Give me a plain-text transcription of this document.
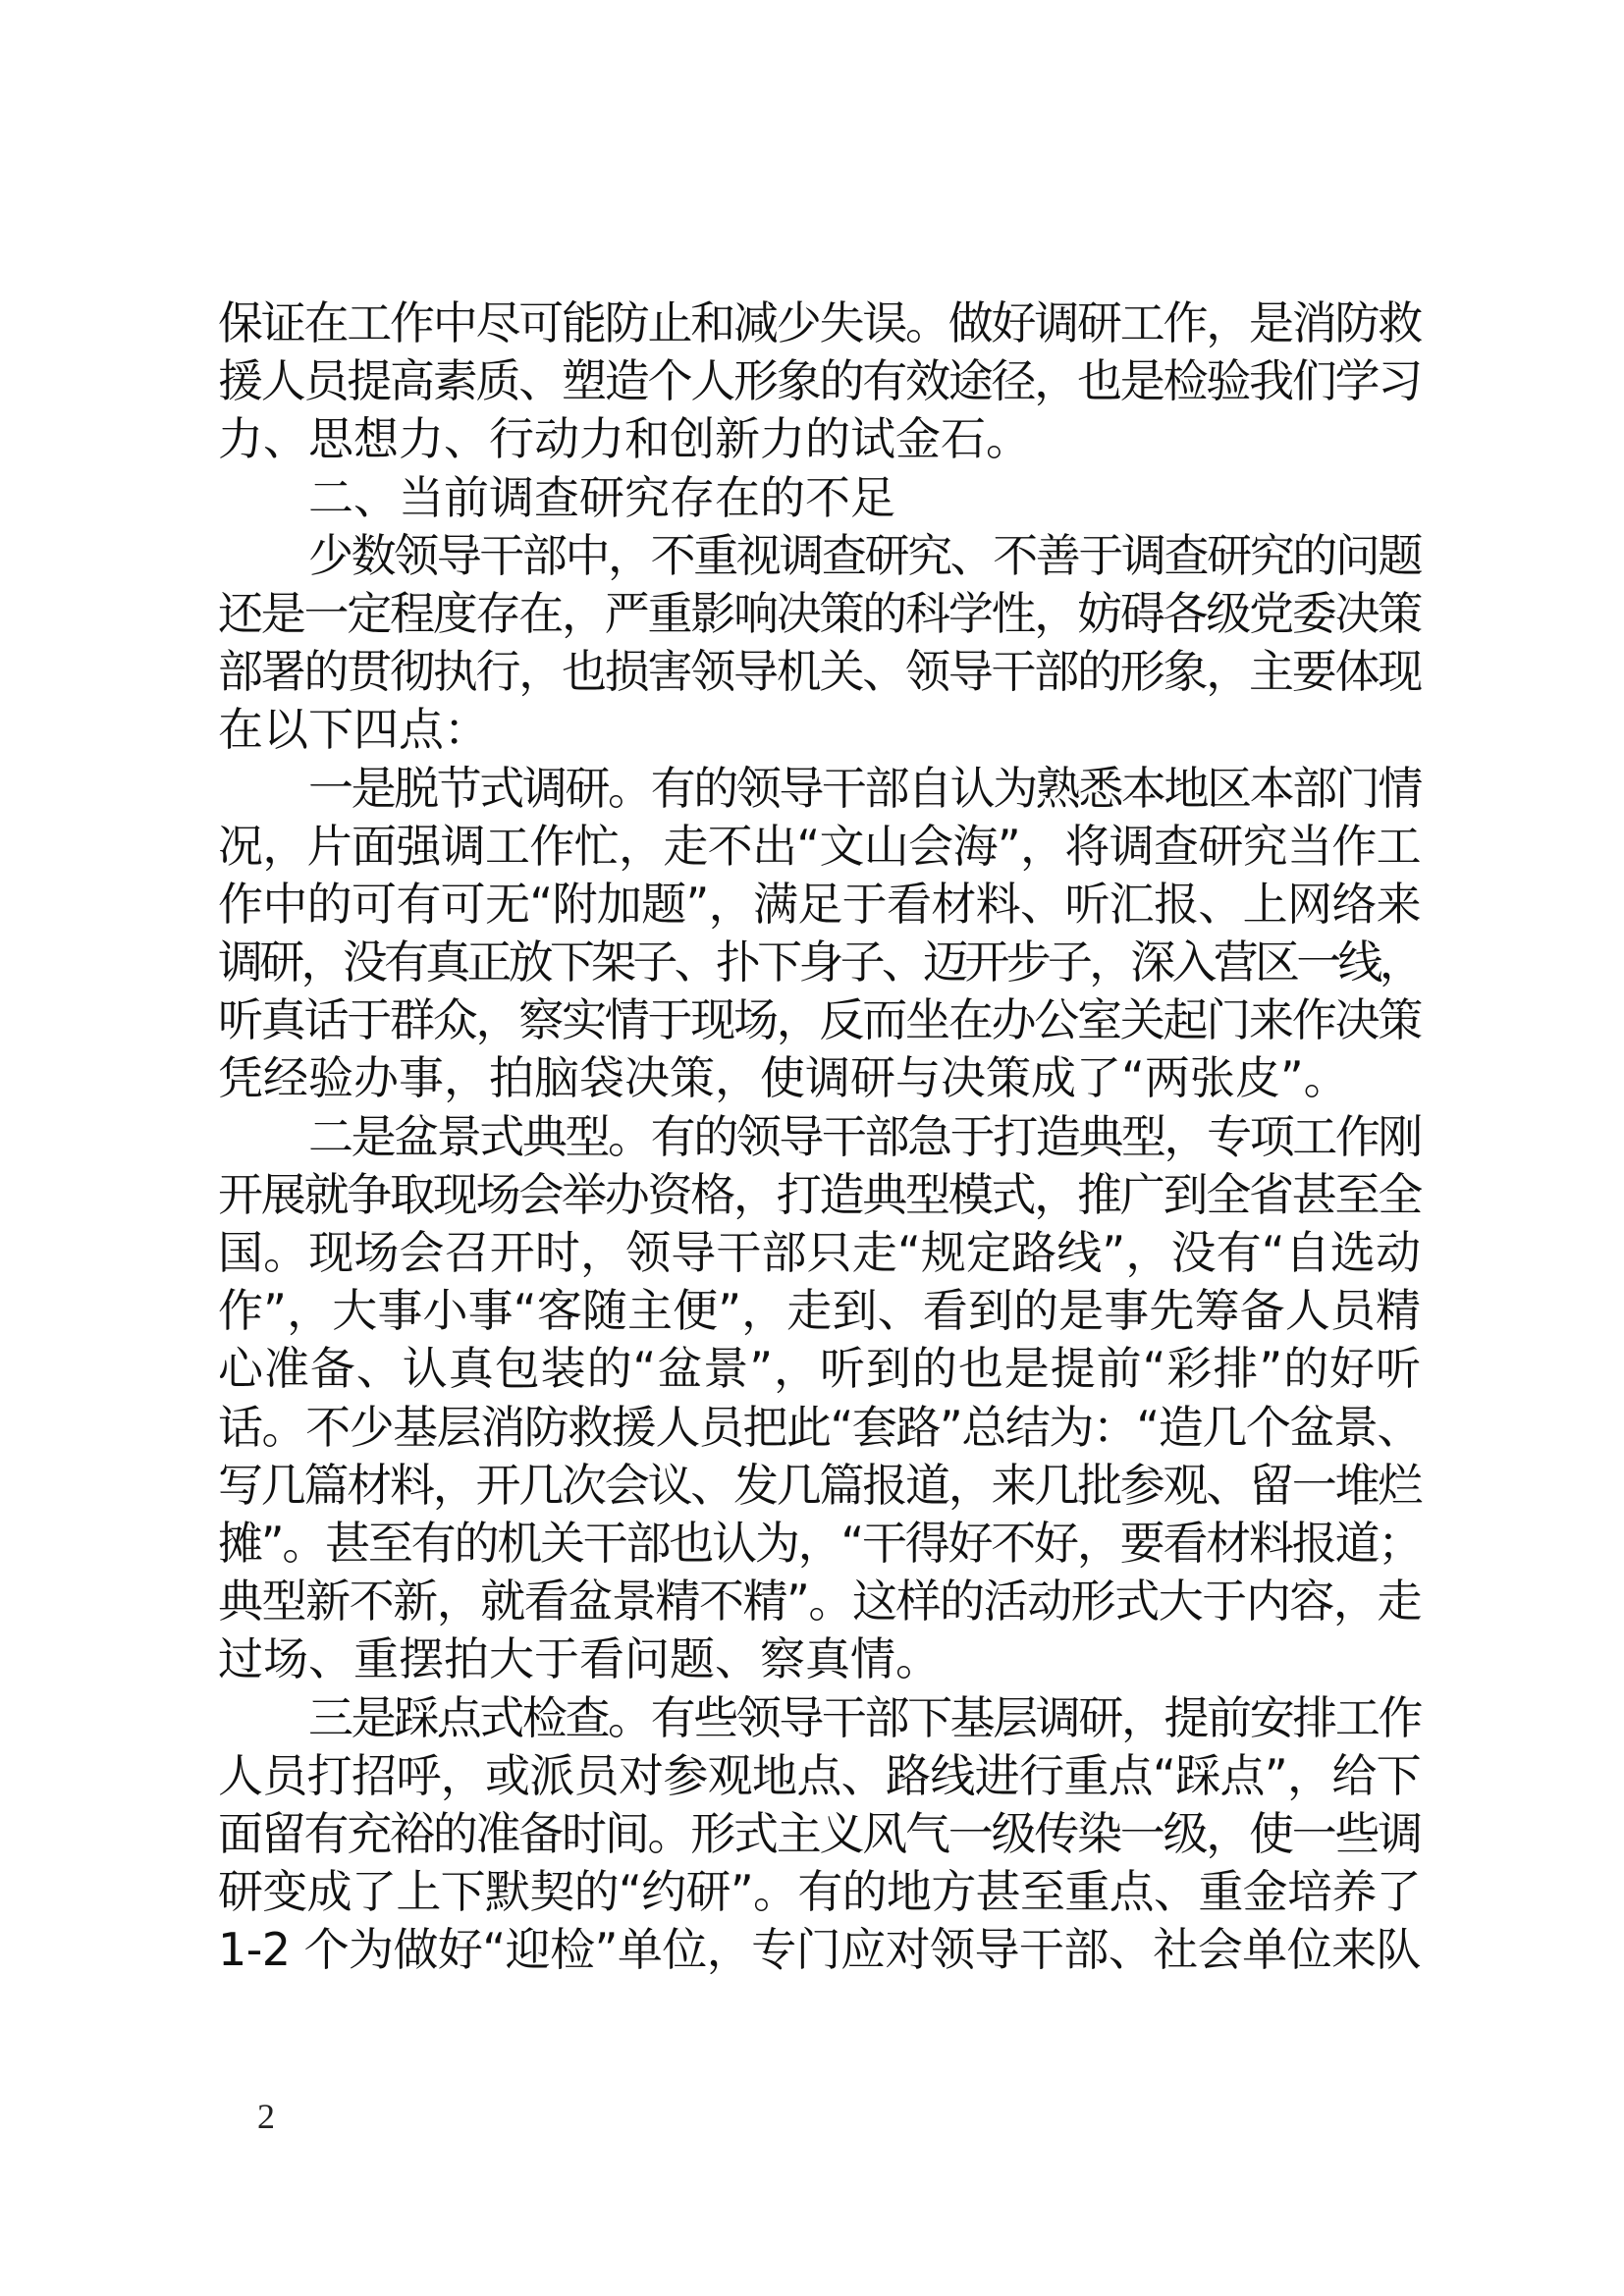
保证在工作中尽可能防止和减少失误。做好调研工作，是消防救
援人员提高素质、塑造个人形象的有效途径，也是检验我们学习
力、思想力、行动力和创新力的试金石。
二、当前调查研究存在的不足
少数领导干部中，不重视调查研究、不善于调查研究的问题
还是一定程度存在，严重影响决策的科学性，妨碍各级党委决策
部署的贯彻执行，也损害领导机关、领导干部的形象，主要体现
在以下四点：
一是脱节式调研。有的领导干部自认为熟悉本地区本部门情
况，片面强调工作忙，走不出“文山会海”，将调查研究当作工
作中的可有可无“附加题”，满足于看材料、听汇报、上网络来
调研，没有真正放下架子、扑下身子、迈开步子，深入营区一线，
听真话于群众，察实情于现场，反而坐在办公室关起门来作决策
凭经验办事，拍脑袋决策，使调研与决策成了“两张皮”。
二是盆景式典型。有的领导干部急于打造典型，专项工作刚
开展就争取现场会举办资格，打造典型模式，推广到全省甚至全
国。现场会召开时，领导干部只走“规定路线”，没有“自选动
作”，大事小事“客随主便”，走到、看到的是事先筹备人员精
心准备、认真包装的“盆景”，听到的也是提前“彩排”的好听
话。不少基层消防救援人员把此“套路”总结为：“造几个盆景、
写几篇材料，开几次会议、发几篇报道，来几批参观、留一堆烂
摊”。甚至有的机关干部也认为，“干得好不好，要看材料报道；
典型新不新，就看盆景精不精”。这样的活动形式大于内容，走
过场、重摆拍大于看问题、察真情。
三是踩点式检查。有些领导干部下基层调研，提前安排工作
人员打招呼，或派员对参观地点、路线进行重点“踩点”，给下
面留有充裕的准备时间。形式主义风气一级传染一级，使一些调
研变成了上下默契的“约研”。有的地方甚至重点、重金培养了
1-2 个为做好“迎检”单位，专门应对领导干部、社会单位来队
2
